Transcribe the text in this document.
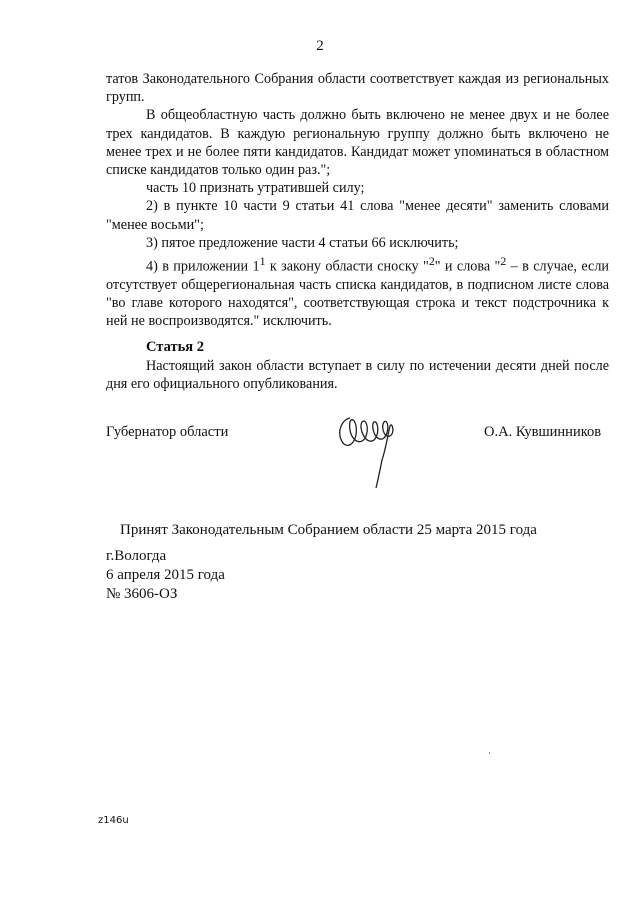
2

татов Законодательного Собрания области соответствует каждая из региональных групп.

В общеобластную часть должно быть включено не менее двух и не более трех кандидатов. В каждую региональную группу должно быть включено не менее трех и не более пяти кандидатов. Кандидат может упоминаться в областном списке кандидатов только один раз.";

часть 10 признать утратившей силу;

2) в пункте 10 части 9 статьи 41 слова "менее десяти" заменить словами "менее восьми";

3) пятое предложение части 4 статьи 66 исключить;

4) в приложении $1^1$ к закону области сноску "$^2$" и слова "$^2$ – в случае, если отсутствует общерегиональная часть списка кандидатов, в подписном листе слова "во главе которого находятся", соответствующая строка и текст подстрочника к ней не воспроизводятся." исключить.

Статья 2
Настоящий закон области вступает в силу по истечении десяти дней после дня его официального опубликования.
Губернатор области	О.А. Кувшинников
Принят Законодательным Собранием области 25 марта 2015 года
г.Вологда
6 апреля 2015 года
№ 3606-ОЗ
z146u
